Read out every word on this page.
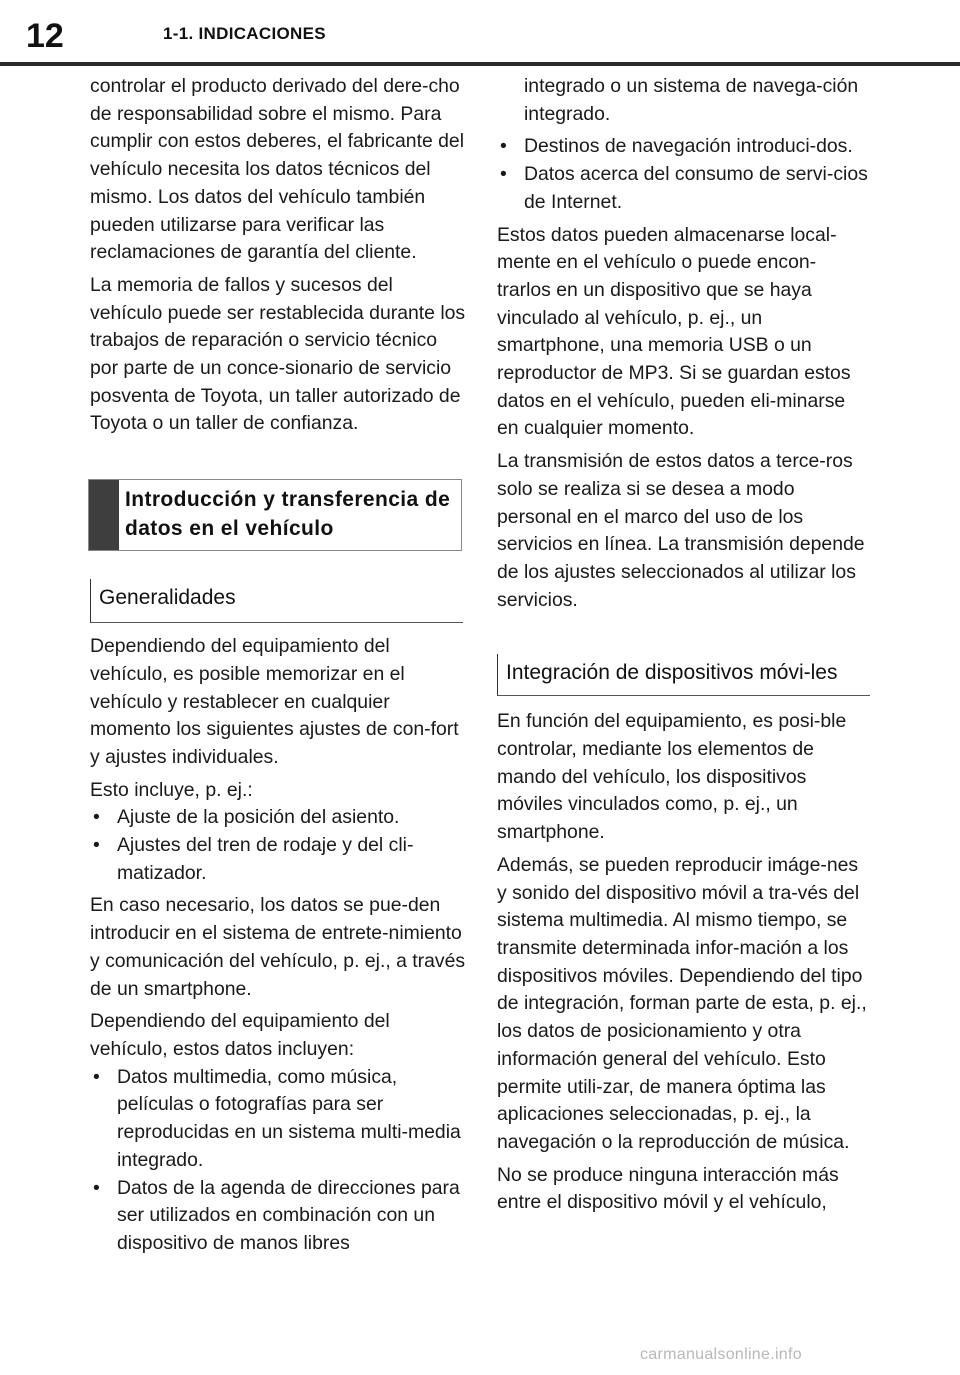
12	1-1. INDICACIONES

controlar el producto derivado del dere-cho de responsabilidad sobre el mismo. Para cumplir con estos deberes, el fabricante del vehículo necesita los datos técnicos del mismo. Los datos del vehículo también pueden utilizarse para verificar las reclamaciones de garantía del cliente.

La memoria de fallos y sucesos del vehículo puede ser restablecida durante los trabajos de reparación o servicio técnico por parte de un conce-sionario de servicio posventa de Toyota, un taller autorizado de Toyota o un taller de confianza.

Introducción y transferencia de datos en el vehículo
Generalidades

Dependiendo del equipamiento del vehículo, es posible memorizar en el vehículo y restablecer en cualquier momento los siguientes ajustes de con-fort y ajustes individuales.

Esto incluye, p. ej.:

• Ajuste de la posición del asiento.
• Ajustes del tren de rodaje y del cli-matizador.

En caso necesario, los datos se pue-den introducir en el sistema de entrete-nimiento y comunicación del vehículo, p. ej., a través de un smartphone.

Dependiendo del equipamiento del vehículo, estos datos incluyen:

• Datos multimedia, como música, películas o fotografías para ser reproducidas en un sistema multi-media integrado.
• Datos de la agenda de direcciones para ser utilizados en combinación con un dispositivo de manos libres

integrado o un sistema de navega-ción integrado.

• Destinos de navegación introduci-dos.
• Datos acerca del consumo de servi-cios de Internet.

Estos datos pueden almacenarse local-mente en el vehículo o puede encon-trarlos en un dispositivo que se haya vinculado al vehículo, p. ej., un smartphone, una memoria USB o un reproductor de MP3. Si se guardan estos datos en el vehículo, pueden eli-minarse en cualquier momento.

La transmisión de estos datos a terce-ros solo se realiza si se desea a modo personal en el marco del uso de los servicios en línea. La transmisión depende de los ajustes seleccionados al utilizar los servicios.

Integración de dispositivos móvi-les

En función del equipamiento, es posi-ble controlar, mediante los elementos de mando del vehículo, los dispositivos móviles vinculados como, p. ej., un smartphone.

Además, se pueden reproducir imáge-nes y sonido del dispositivo móvil a tra-vés del sistema multimedia. Al mismo tiempo, se transmite determinada infor-mación a los dispositivos móviles. Dependiendo del tipo de integración, forman parte de esta, p. ej., los datos de posicionamiento y otra información general del vehículo. Esto permite utili-zar, de manera óptima las aplicaciones seleccionadas, p. ej., la navegación o la reproducción de música.

No se produce ninguna interacción más entre el dispositivo móvil y el vehículo,

carmanualsonline.info
